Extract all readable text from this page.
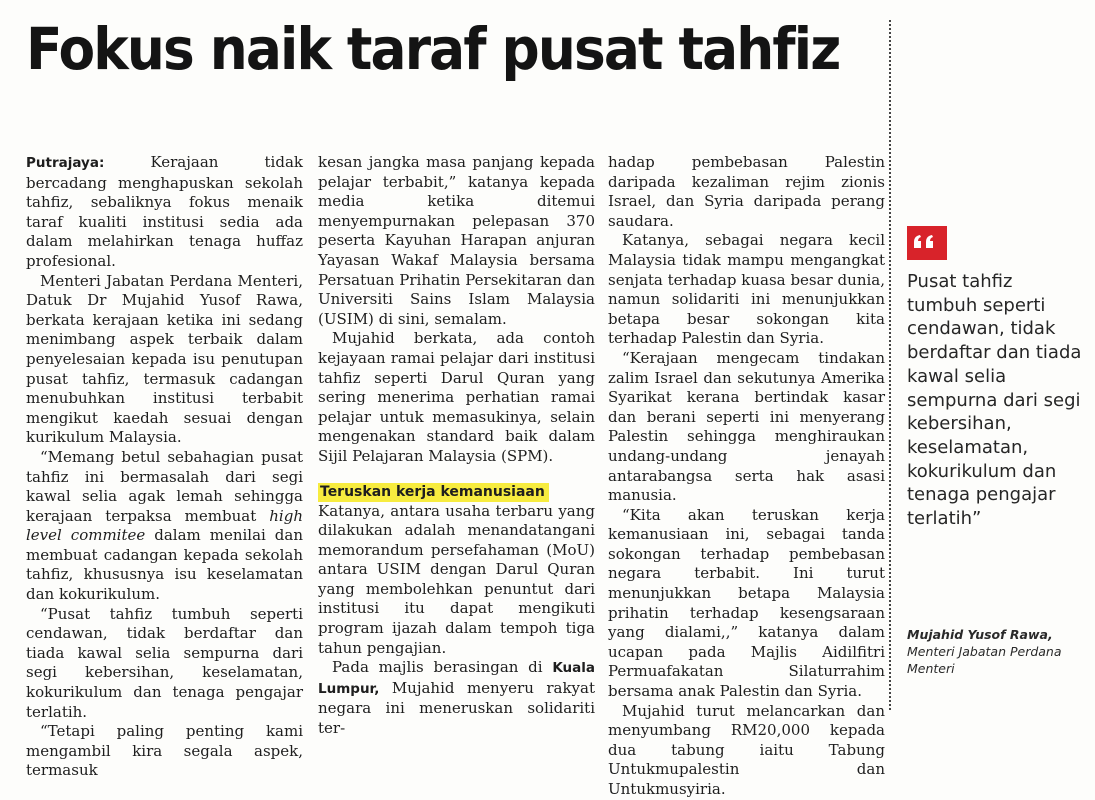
Fokus naik taraf pusat tahfiz

Putrajaya:	Kerajaan tidak bercadang menghapuskan sekolah tahfiz, sebaliknya fokus menaik taraf kualiti institusi sedia ada dalam melahirkan tenaga huffaz profesional.

Menteri Jabatan Perdana Menteri, Datuk Dr Mujahid Yusof Rawa, berkata kerajaan ketika ini sedang menimbang aspek terbaik dalam penyelesaian kepada isu penutupan pusat tahfiz, termasuk cadangan menubuhkan institusi terbabit mengikut kaedah sesuai dengan kurikulum Malaysia.

“Memang betul sebahagian pusat tahfiz ini bermasalah dari segi kawal selia agak lemah sehingga kerajaan terpaksa membuat high level commitee dalam menilai dan membuat cadangan kepada sekolah tahfiz, khususnya isu keselamatan dan kokurikulum.

“Pusat tahfiz tumbuh seperti cendawan, tidak berdaftar dan tiada kawal selia sempurna dari segi kebersihan, keselamatan, kokurikulum dan tenaga pengajar terlatih.

“Tetapi paling penting kami mengambil kira segala aspek, termasuk

kesan jangka masa panjang kepada pelajar terbabit,” katanya kepada media ketika ditemui menyempurnakan pelepasan 370 peserta Kayuhan Harapan anjuran Yayasan Wakaf Malaysia bersama Persatuan Prihatin Persekitaran dan Universiti Sains Islam Malaysia (USIM) di sini, semalam.

Mujahid berkata, ada contoh kejayaan ramai pelajar dari institusi tahfiz seperti Darul Quran yang sering menerima perhatian ramai pelajar untuk memasukinya, selain mengenakan standard baik dalam Sijil Pelajaran Malaysia (SPM).

Teruskan kerja kemanusiaan

Katanya, antara usaha terbaru yang dilakukan adalah menandatangani memorandum persefahaman (MoU) antara USIM dengan Darul Quran yang membolehkan penuntut dari institusi itu dapat mengikuti program ijazah dalam tempoh tiga tahun pengajian.

Pada majlis berasingan di Kuala Lumpur, Mujahid menyeru rakyat negara ini meneruskan solidariti ter-

hadap pembebasan Palestin daripada kezaliman rejim zionis Israel, dan Syria daripada perang saudara.

Katanya, sebagai negara kecil Malaysia tidak mampu mengangkat senjata terhadap kuasa besar dunia, namun solidariti ini menunjukkan betapa besar sokongan kita terhadap Palestin dan Syria.

“Kerajaan mengecam tindakan zalim Israel dan sekutunya Amerika Syarikat kerana bertindak kasar dan berani seperti ini menyerang Palestin sehingga menghiraukan undang-undang jenayah antarabangsa serta hak asasi manusia.

“Kita akan teruskan kerja kemanusiaan ini, sebagai tanda sokongan terhadap pembebasan negara terbabit. Ini turut menunjukkan betapa Malaysia prihatin terhadap kesengsaraan yang dialami,,” katanya dalam ucapan pada Majlis Aidilfitri Permuafakatan Silaturrahim bersama anak Palestin dan Syria.

Mujahid turut melancarkan dan menyumbang RM20,000 kepada dua tabung iaitu Tabung Untukmupalestin dan Untukmusyiria.

Pusat tahfiz tumbuh seperti cendawan, tidak berdaftar dan tiada kawal selia sempurna dari segi kebersihan, keselamatan, kokurikulum dan tenaga pengajar terlatih”

Mujahid Yusof Rawa,
Menteri Jabatan Perdana Menteri
